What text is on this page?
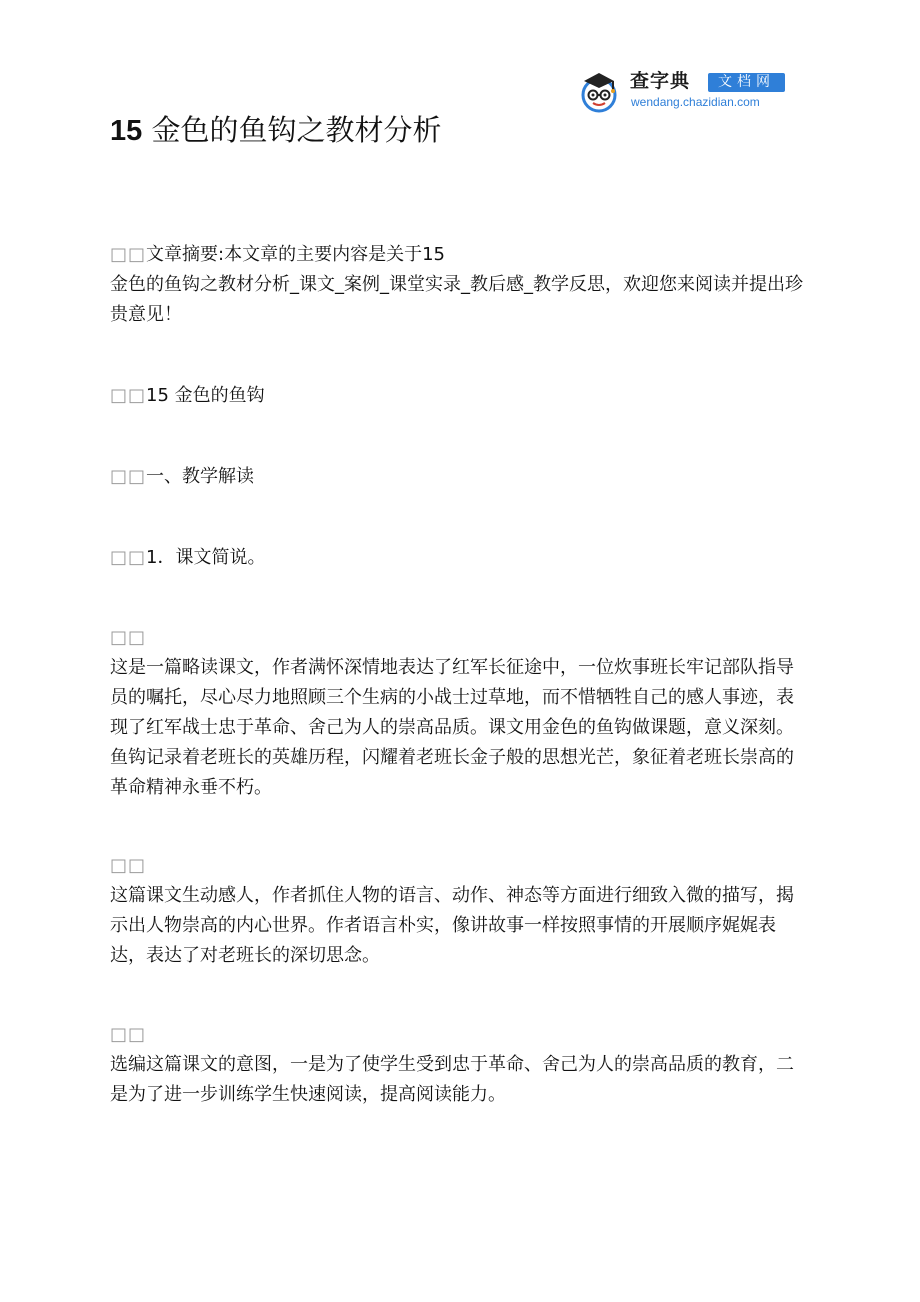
查字典	文档网
wendang.chazidian.com
15 金色的鱼钩之教材分析

□□文章摘要:本文章的主要内容是关于15
金色的鱼钩之教材分析_课文_案例_课堂实录_教后感_教学反思，欢迎您来阅读并提出珍贵意见！

□□15 金色的鱼钩

□□一、教学解读

□□1．课文简说。

□□
这是一篇略读课文，作者满怀深情地表达了红军长征途中，一位炊事班长牢记部队指导员的嘱托，尽心尽力地照顾三个生病的小战士过草地，而不惜牺牲自己的感人事迹，表现了红军战士忠于革命、舍己为人的崇高品质。课文用金色的鱼钩做课题，意义深刻。鱼钩记录着老班长的英雄历程，闪耀着老班长金子般的思想光芒，象征着老班长崇高的革命精神永垂不朽。

□□
这篇课文生动感人，作者抓住人物的语言、动作、神态等方面进行细致入微的描写，揭示出人物崇高的内心世界。作者语言朴实，像讲故事一样按照事情的开展顺序娓娓表达，表达了对老班长的深切思念。

□□
选编这篇课文的意图，一是为了使学生受到忠于革命、舍己为人的崇高品质的教育，二是为了进一步训练学生快速阅读，提高阅读能力。
